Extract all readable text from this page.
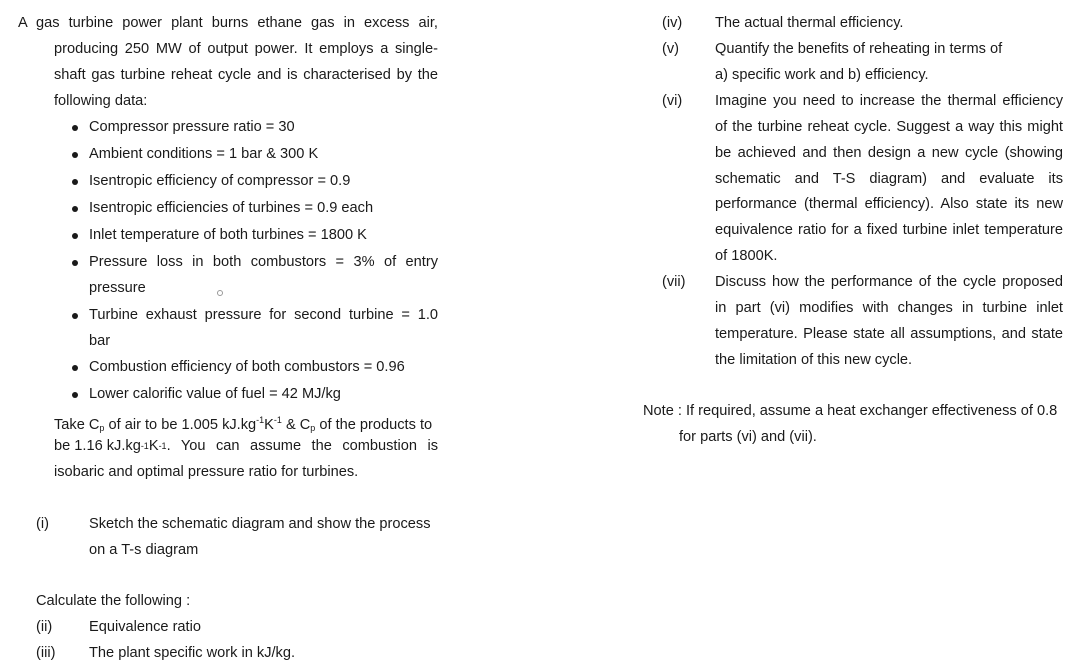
A gas turbine power plant burns ethane gas in excess air,
producing 250 MW of output power. It employs a single-
shaft gas turbine reheat cycle and is characterised by the
following data:
Compressor pressure ratio = 30
Ambient conditions = 1 bar & 300 K
Isentropic efficiency of compressor = 0.9
Isentropic efficiencies of turbines = 0.9 each
Inlet temperature of both turbines = 1800 K
Pressure loss in both combustors = 3% of entry
pressure
Turbine exhaust pressure for second turbine = 1.0
bar
Combustion efficiency of both combustors = 0.96
Lower calorific value of fuel = 42 MJ/kg
Take $C_p$ of air to be 1.005 $kJ.kg^{-1}K^{-1}$ & $C_p$ of the products to
be 1.16 kJ.kg -1 K -1 . You can assume the combustion is
isobaric and optimal pressure ratio for turbines.
(i)	Sketch the schematic diagram and show the process
on a T-s diagram
Calculate the following :
(ii)	Equivalence ratio
(iii) The plant specific work in kJ/kg.
(iv) The actual thermal efficiency.
(v) Quantify the benefits of reheating in terms of
a) specific work and b) efficiency.
(vi) Imagine you need to increase the thermal efficiency
of the turbine reheat cycle. Suggest a way this might
be achieved and then design a new cycle (showing
schematic and T-S diagram) and evaluate its
performance (thermal efficiency). Also state its new
equivalence ratio for a fixed turbine inlet temperature
of 1800K.
(vii) Discuss how the performance of the cycle proposed
in part (vi) modifies with changes in turbine inlet
temperature. Please state all assumptions, and state
the limitation of this new cycle.
Note : If required, assume a heat exchanger effectiveness of 0.8
for parts (vi) and (vii).
